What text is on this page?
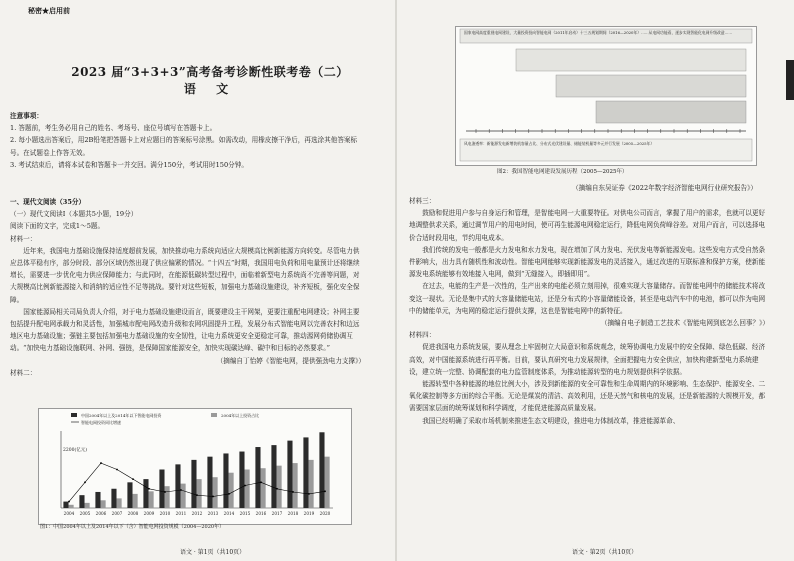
秘密★启用前
2023 届“3+3+3”高考备考诊断性联考卷（二）
语 文
注意事项：
1. 答题前，考生务必用自己的姓名、考场号、座位号填写在答题卡上。
2. 每小题选出答案后，用2B铅笔把答题卡上对应题目的答案标号涂黑。如需改动，用橡皮擦干净后，再选涂其他答案标号。在试题卷上作答无效。
3. 考试结束后，请将本试卷和答题卡一并交回。满分150分，考试用时150分钟。
一、现代文阅读（35分）
（一）现代文阅读Ⅰ（本题共5小题，19分）
阅读下面的文字，完成1～5题。
材料一：

近年来，我国电力基础设施保持适度超前发展，加快推动电力系统向适应大规模高比例新能源方向转变。尽管电力供应总体平稳有序，部分时段、部分区域仍然出现了供应偏紧的情况。“十四五”时期，我国用电负荷和用电量预计还将继续增长，需要进一步优化电力供应保障能力；与此同时，在能源低碳转型过程中，面临着新型电力系统尚不完善等问题，对大规模高比例新能源接入和消纳的适应性不足等挑战。要针对这些短板，加强电力基础设施建设，补齐短板，强化安全保障。

国家能源局相关司局负责人介绍，对于电力基础设施建设而言，既要建设主干网架，更要注重配电网建设；补网主要包括提升配电网承载力和灵活性，加强城市配电网改造升级和农网巩固提升工程，发展分布式智能电网以完善农村和边远地区电力基础设施；强链主要包括加强电力基础设施的安全韧性，让电力系统更安全更稳定可靠，推动源网荷储协调互动。“加快电力基础设施联网、补网、强链，是保障国家能源安全，加快实现碳达峰、碳中和目标的必然要求。”

（摘编自丁怡婷《智能电网，提供强劲电力支撑》）
材料二：
2004 2005 2006 2007 2008 2009 2010 2011 2012 2013 2014 2015 2016 2017 2018 2019 2020
中国2004年以上及2014年以下智能电网投资	2004年以上投资占比
智能电网投资同比增速
2200(亿元)
图1：中国2004年以上及2014年以下（含）智能电网投资规模（2004—2020年）
语文 · 第1页（共10页）
国家电网高度重视电网建设，大量投资投向智能电网（2011年启动）十三五规划期间（2016—2020年）……从电网功能看，逐步实现智能化电网升级改造……
风电渗透率：新能源发电新增装机容量占比、分布式光伏建设量、储能装机量等多元并行发展（2005—2025年）
图2：我国智能电网建设发展历程（2005—2025年）
（摘编自东吴证券《2022年数字经济智能电网行业研究报告》）
材料三：

鼓励和促进用户参与自身运行和管理，是智能电网一大重要特征。对供电公司而言，掌握了用户的需求，也就可以更好地调整供求关系，通过调节用户的用电时间，使可再生能源电网稳定运行，降低电网负荷峰谷差。对用户而言，可以选择电价合适时段用电，节约用电成本。

我们传统的发电一般都是火力发电和水力发电，现在增加了风力发电、光伏发电等新能源发电。这些发电方式受自然条件影响大，出力具有随机性和波动性。智能电网能够实现新能源发电的灵活接入，通过改进的互联标准和保护方案，使新能源发电系统能够有效地接入电网，做到“无缝接入，即插即用”。

在过去，电能的生产是一次性的，生产出来的电能必须立刻用掉，很难实现大容量储存。而智能电网中的储能技术将改变这一现状。无论是集中式的大容量储能电站，还是分布式的小容量储能设备，甚至是电动汽车中的电池，都可以作为电网中的储能单元，为电网的稳定运行提供支撑，这也是智能电网中的新特征。

（摘编自电子制造工艺技术《智能电网到底怎么回事？》）
材料四：

促进我国电力系统发展，要从理念上牢固树立大局意识和系统观念，统筹协调电力发展中的安全保障、绿色低碳、经济高效，对中国能源系统进行再平衡。目前，要认真研究电力发展规律，全面把握电力安全供应，加快构建新型电力系统建设，建立统一完整、协调配套的电力监管制度体系，为推动能源转型的电力规划提供科学依据。

能源转型中各种能源的地位比例大小，涉及到新能源的安全可靠性和生命周期内的环境影响、生态保护、能源安全、二氧化碳控制等多方面的综合平衡。无论是煤炭的清洁、高效利用，还是天然气和核电的发展，还是新能源的大规模开发，都需要国家层面的统筹谋划和科学调度，才能促进能源高质量发展。

我国已经明确了采取市场机制来推进生态文明建设，推进电力体制改革，推进能源革命、

语文 · 第2页（共10页）
